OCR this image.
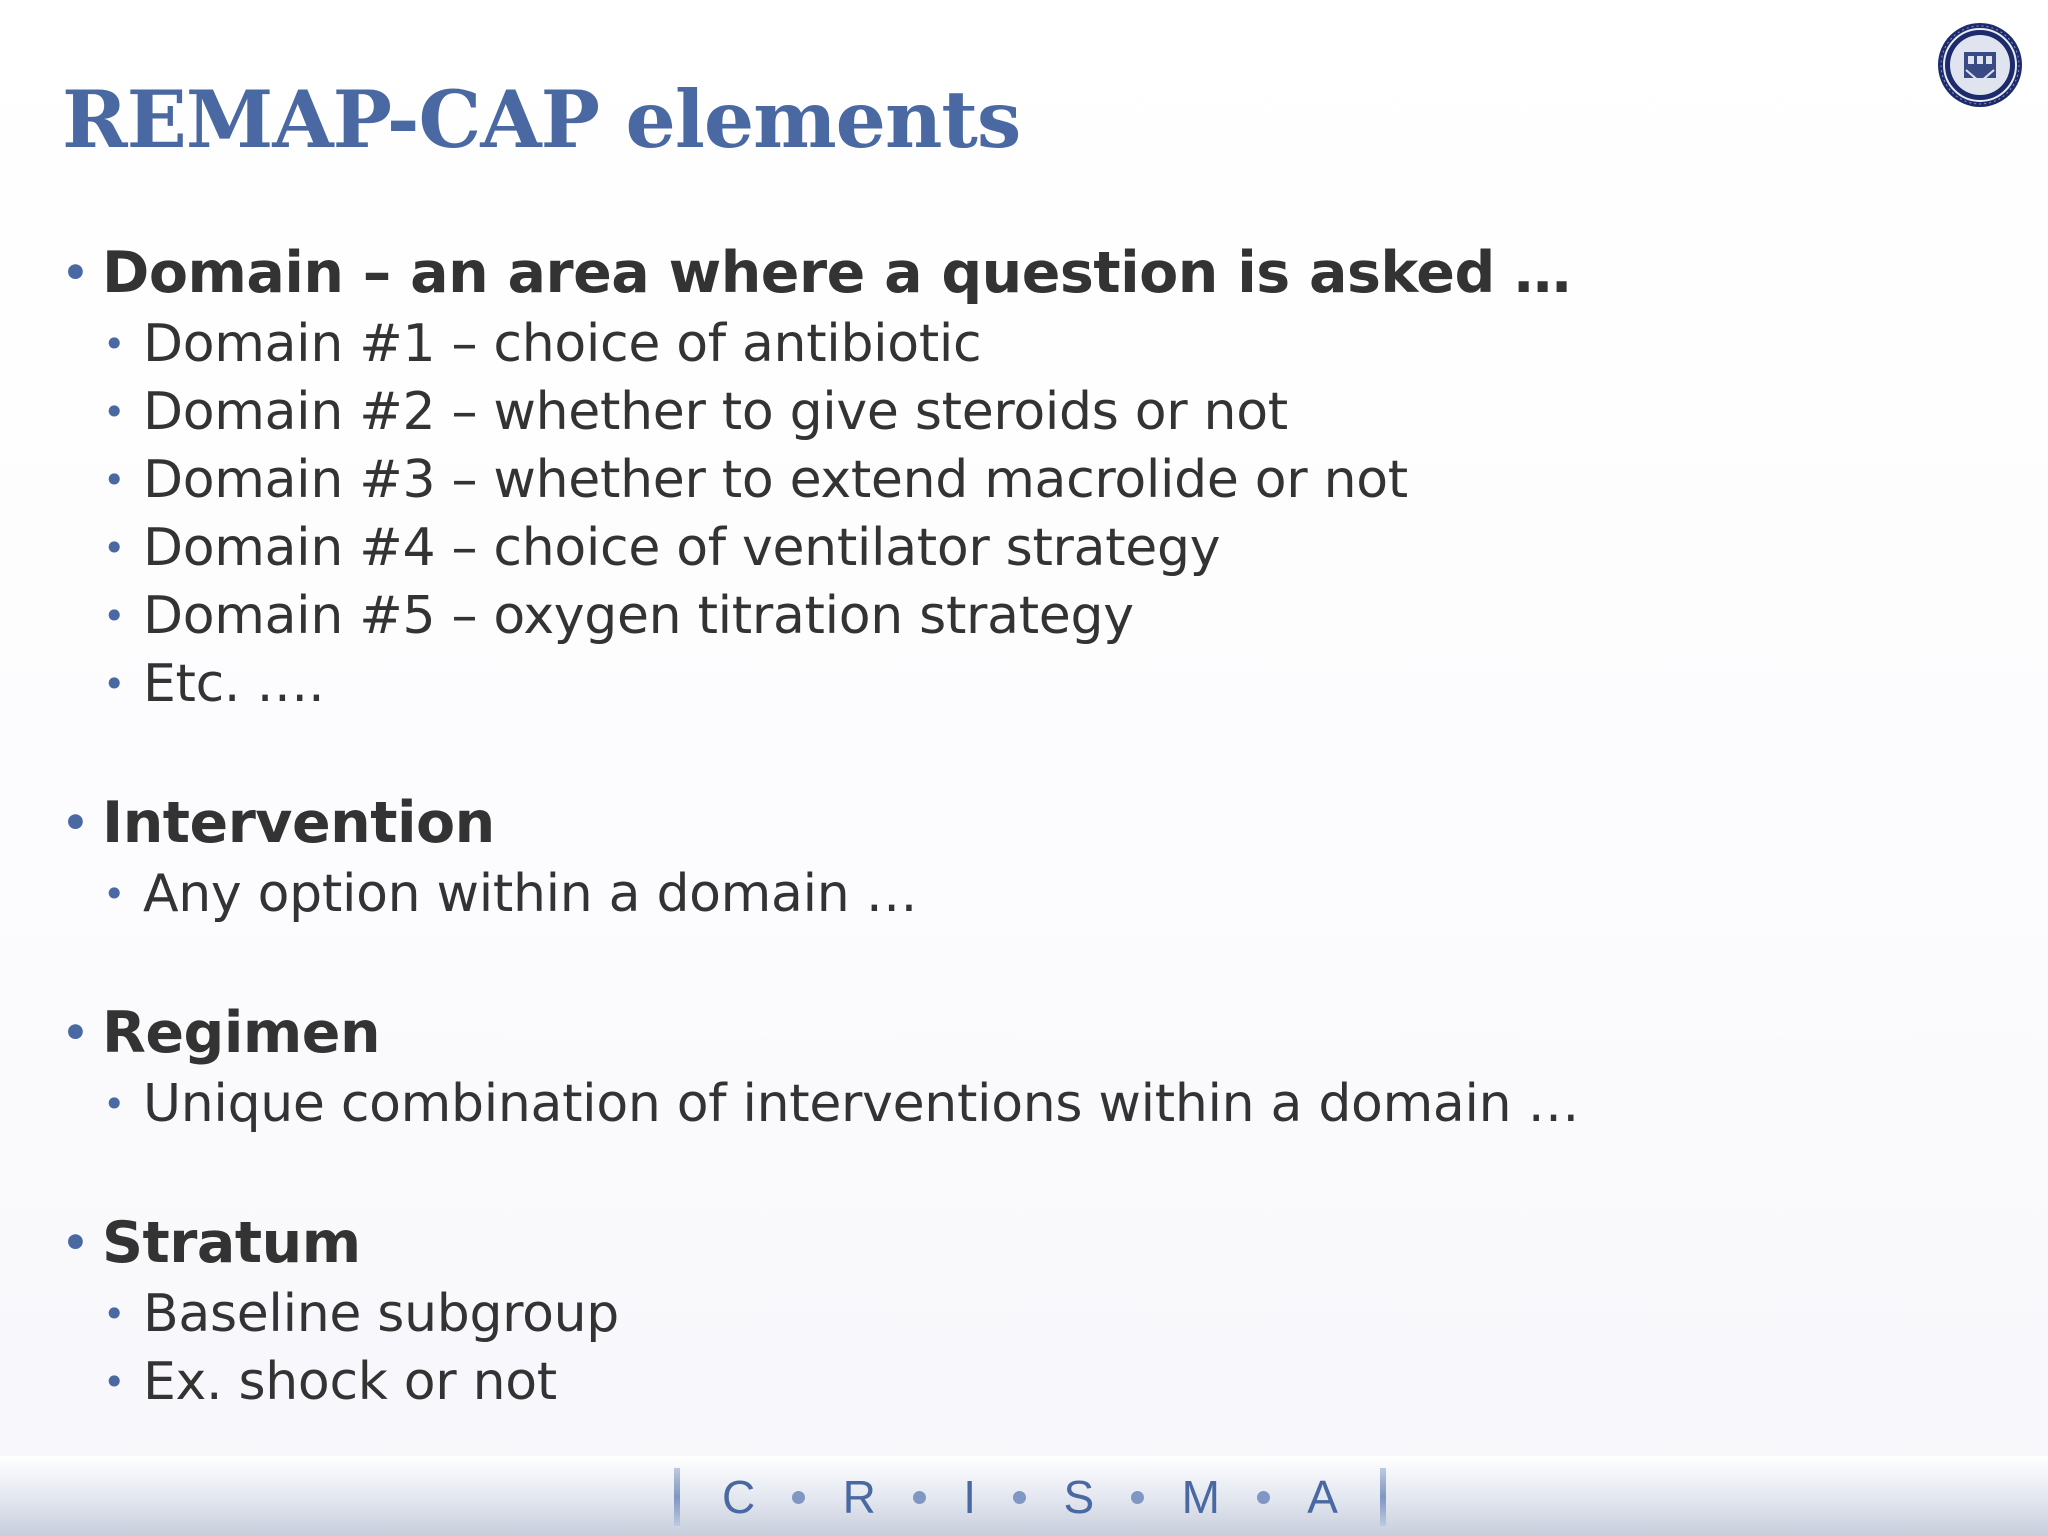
REMAP-CAP elements
• Domain – an area where a question is asked …
• Domain #1 – choice of antibiotic
• Domain #2 – whether to give steroids or not
• Domain #3 – whether to extend macrolide or not
• Domain #4 – choice of ventilator strategy
• Domain #5 – oxygen titration strategy
• Etc. ….
• Intervention
• Any option within a domain …
• Regimen
• Unique combination of interventions within a domain …
• Stratum
• Baseline subgroup
• Ex. shock or not
C R I S M A
